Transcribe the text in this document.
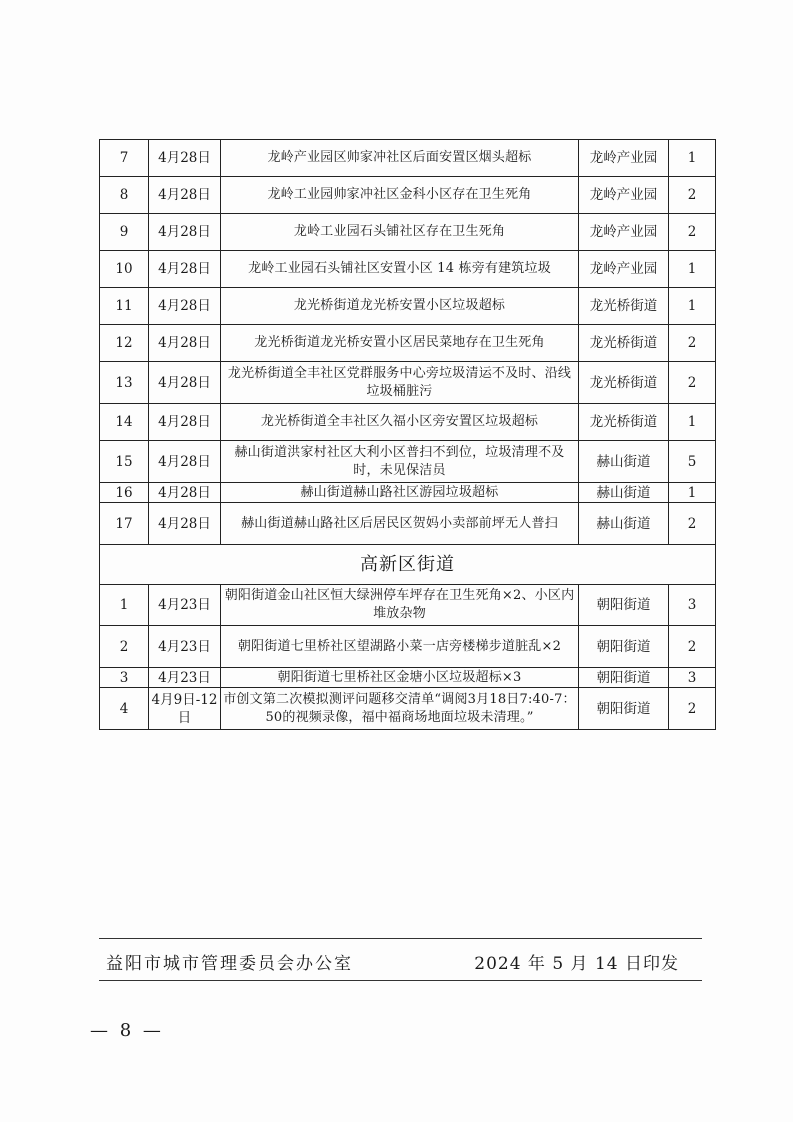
7	4月28日	龙岭产业园区帅家冲社区后面安置区烟头超标	龙岭产业园	1
8	4月28日	龙岭工业园帅家冲社区金科小区存在卫生死角	龙岭产业园	2
9	4月28日	龙岭工业园石头铺社区存在卫生死角	龙岭产业园	2
10	4月28日	龙岭工业园石头铺社区安置小区 14 栋旁有建筑垃圾	龙岭产业园	1
11	4月28日	龙光桥街道龙光桥安置小区垃圾超标	龙光桥街道	1
12	4月28日	龙光桥街道龙光桥安置小区居民菜地存在卫生死角	龙光桥街道	2
13	4月28日	龙光桥街道全丰社区党群服务中心旁垃圾清运不及时、沿线垃圾桶脏污	龙光桥街道	2
14	4月28日	龙光桥街道全丰社区久福小区旁安置区垃圾超标	龙光桥街道	1
15	4月28日	赫山街道洪家村社区大利小区普扫不到位，垃圾清理不及时，未见保洁员	赫山街道	5
16	4月28日	赫山街道赫山路社区游园垃圾超标	赫山街道	1
17	4月28日	赫山街道赫山路社区后居民区贺妈小卖部前坪无人普扫	赫山街道	2
高新区街道				
1	4月23日	朝阳街道金山社区恒大绿洲停车坪存在卫生死角×2、小区内堆放杂物	朝阳街道	3
2	4月23日	朝阳街道七里桥社区望湖路小菜一店旁楼梯步道脏乱×2	朝阳街道	2
3	4月23日	朝阳街道七里桥社区金塘小区垃圾超标×3	朝阳街道	3
4	4月9日-12日	市创文第二次模拟测评问题移交清单“调阅3月18日7:40-7：50的视频录像，福中福商场地面垃圾未清理。”	朝阳街道	2
益阳市城市管理委员会办公室	2024 年 5 月 14 日印发
— 8 —
